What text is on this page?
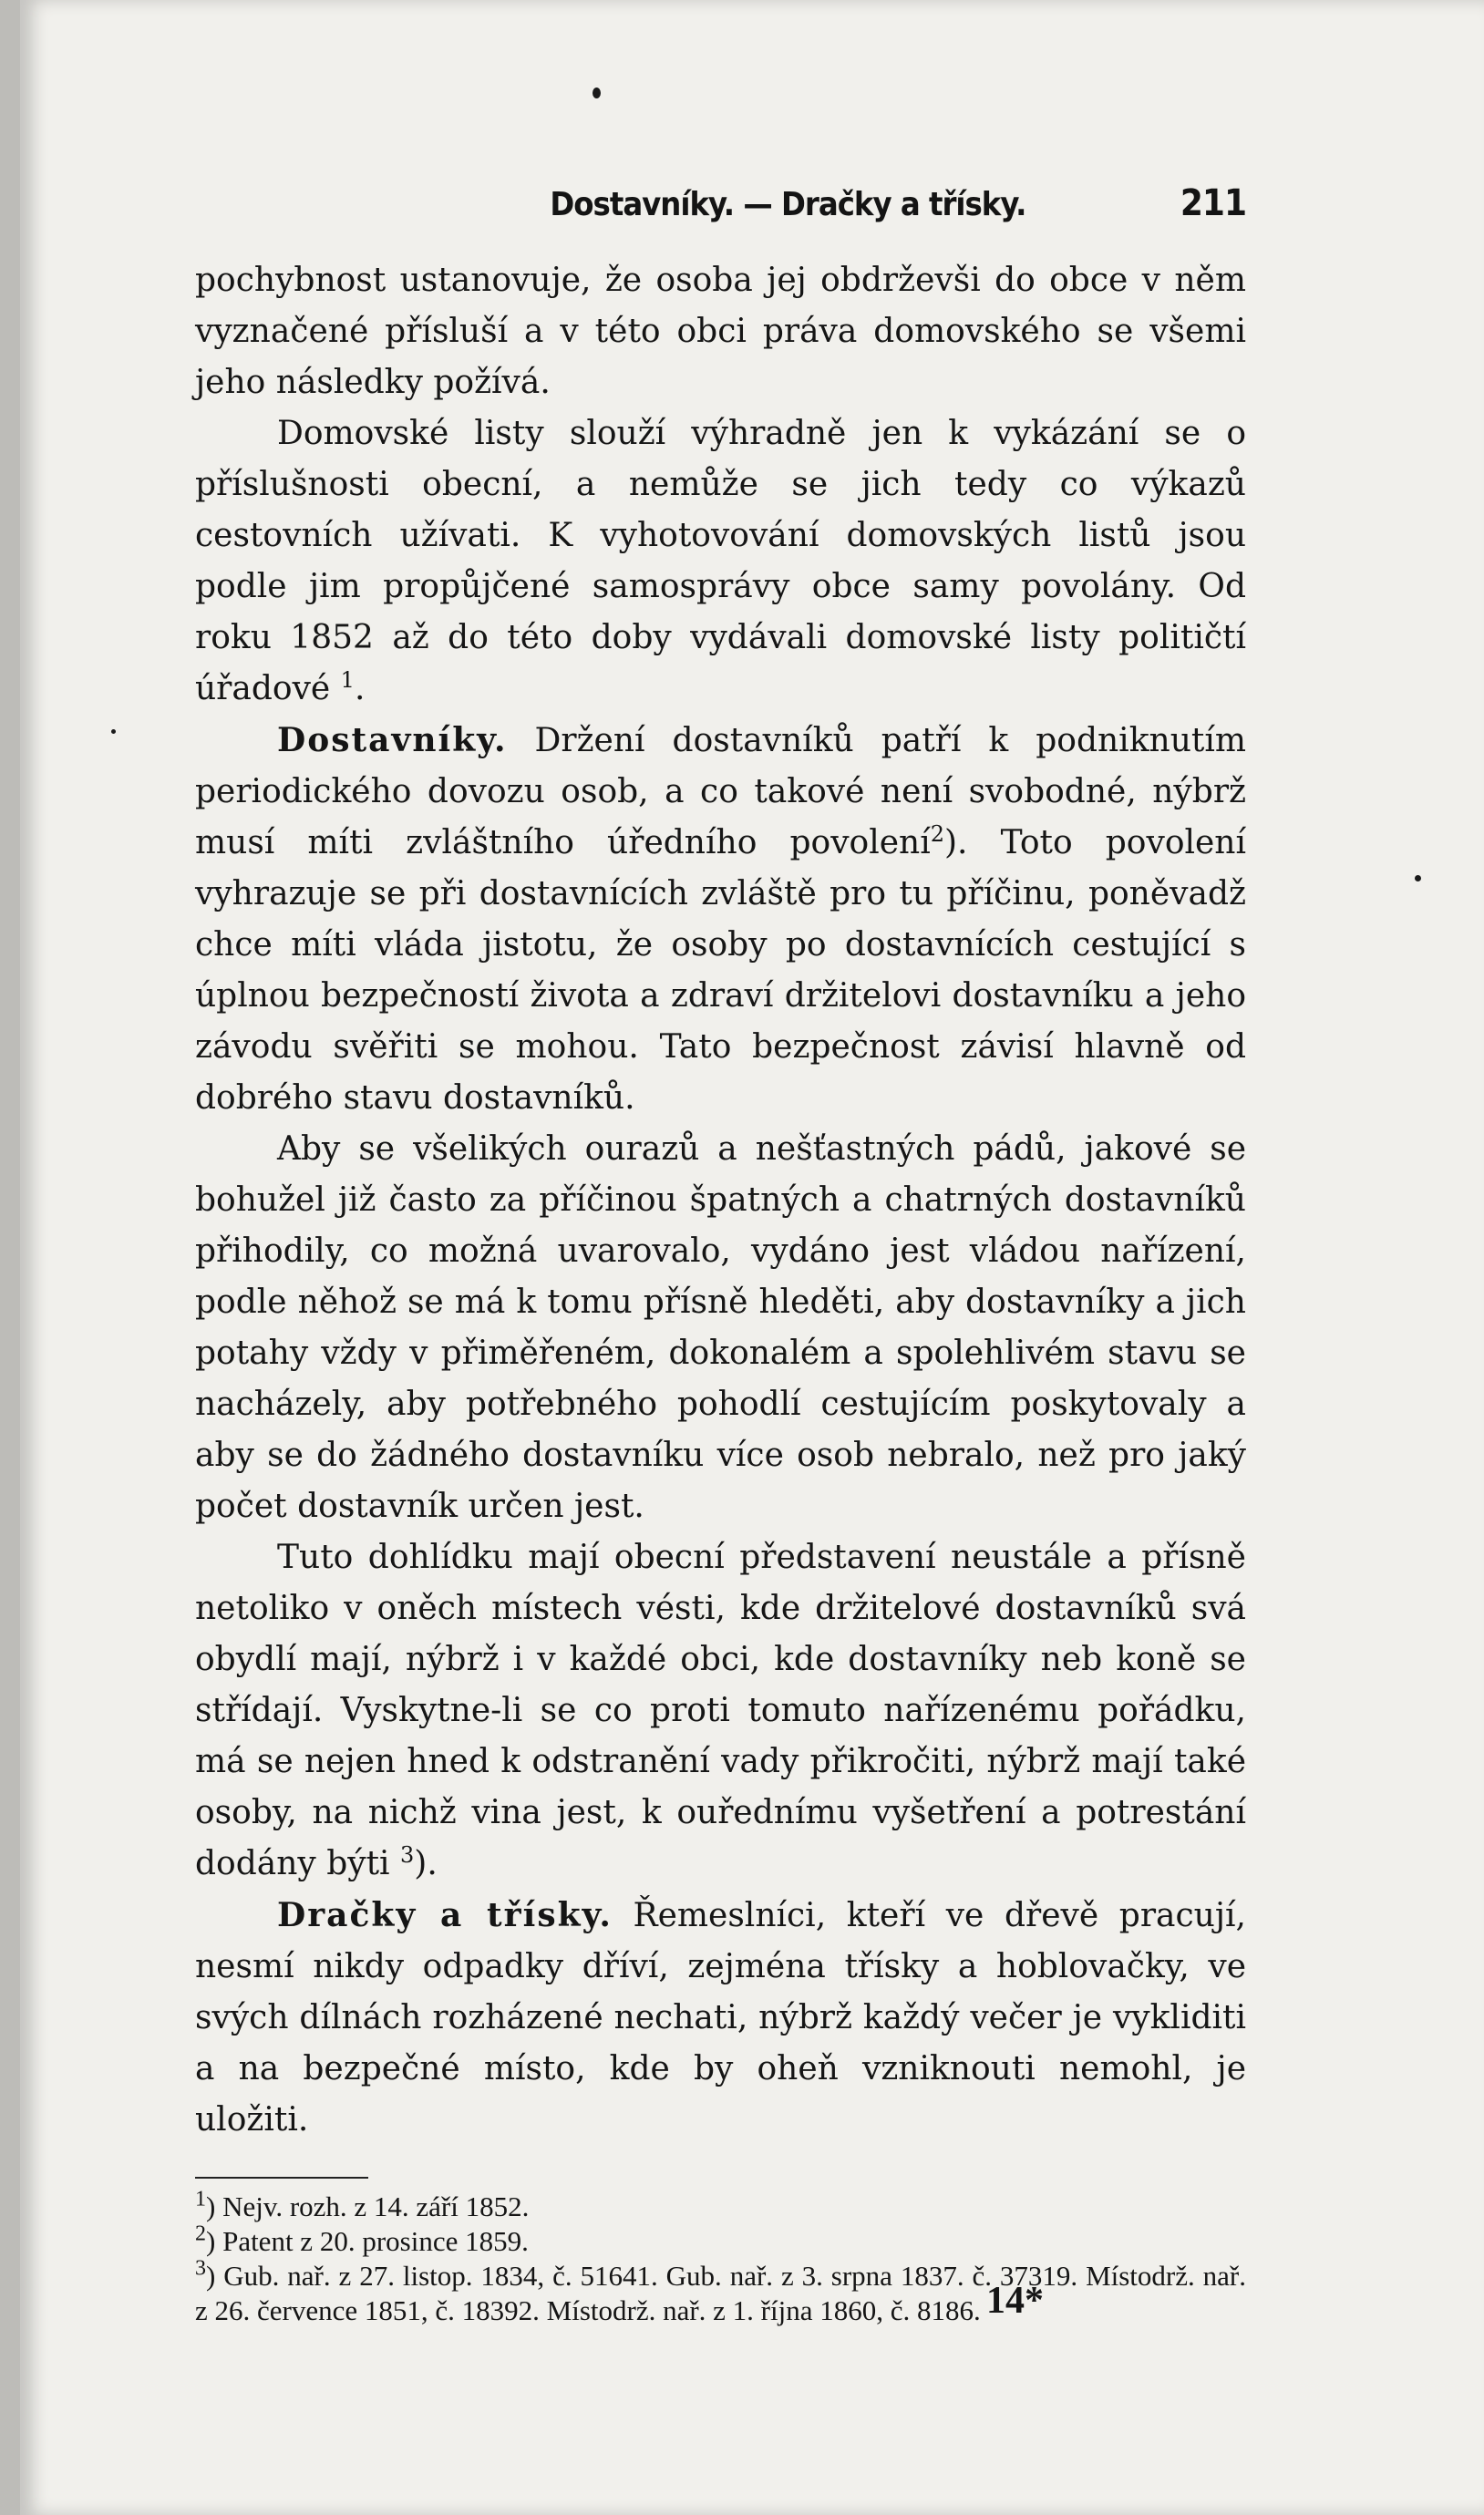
Dostavníky. — Dračky a třísky.	211

pochybnost ustanovuje, že osoba jej obdrževši do obce v něm vyznačené přísluší a v této obci práva domovského se všemi jeho následky požívá.

Domovské listy slouží výhradně jen k vykázání se o příslušnosti obecní, a nemůže se jich tedy co výkazů cestovních užívati. K vyhotovování domovských listů jsou podle jim propůjčené samosprávy obce samy povolány. Od roku 1852 až do této doby vydávali domovské listy političtí úřadové $^1$.

Dostavníky. Držení dostavníků patří k podniknutím periodického dovozu osob, a co takové není svobodné, nýbrž musí míti zvláštního úředního povolení$^2$). Toto povolení vyhrazuje se při dostavnících zvláště pro tu příčinu, poněvadž chce míti vláda jistotu, že osoby po dostavnících cestující s úplnou bezpečností života a zdraví držitelovi dostavníku a jeho závodu svěřiti se mohou. Tato bezpečnost závisí hlavně od dobrého stavu dostavníků.

Aby se všelikých ourazů a nešťastných pádů, jakové se bohužel již často za příčinou špatných a chatrných dostavníků přihodily, co možná uvarovalo, vydáno jest vládou nařízení, podle něhož se má k tomu přísně hleděti, aby dostavníky a jich potahy vždy v přiměřeném, dokonalém a spolehlivém stavu se nacházely, aby potřebného pohodlí cestujícím poskytovaly a aby se do žádného dostavníku více osob nebralo, než pro jaký počet dostavník určen jest.

Tuto dohlídku mají obecní představení neustále a přísně netoliko v oněch místech vésti, kde držitelové dostavníků svá obydlí mají, nýbrž i v každé obci, kde dostavníky neb koně se střídají. Vyskytne-li se co proti tomuto nařízenému pořádku, má se nejen hned k odstranění vady přikročiti, nýbrž mají také osoby, na nichž vina jest, k ouřednímu vyšetření a potrestání dodány býti $^3$).

Dračky a třísky. Řemeslníci, kteří ve dřevě pracují, nesmí nikdy odpadky dříví, zejména třísky a hoblovačky, ve svých dílnách rozházené nechati, nýbrž každý večer je vykliditi a na bezpečné místo, kde by oheň vzniknouti nemohl, je uložiti.

$^1$) Nejv. rozh. z 14. září 1852.

$^2$) Patent z 20. prosince 1859.

$^3$) Gub. nař. z 27. listop. 1834, č. 51641. Gub. nař. z 3. srpna 1837. č. 37319. Místodrž. nař. z 26. července 1851, č. 18392. Místodrž. nař. z 1. října 1860, č. 8186. 14*
